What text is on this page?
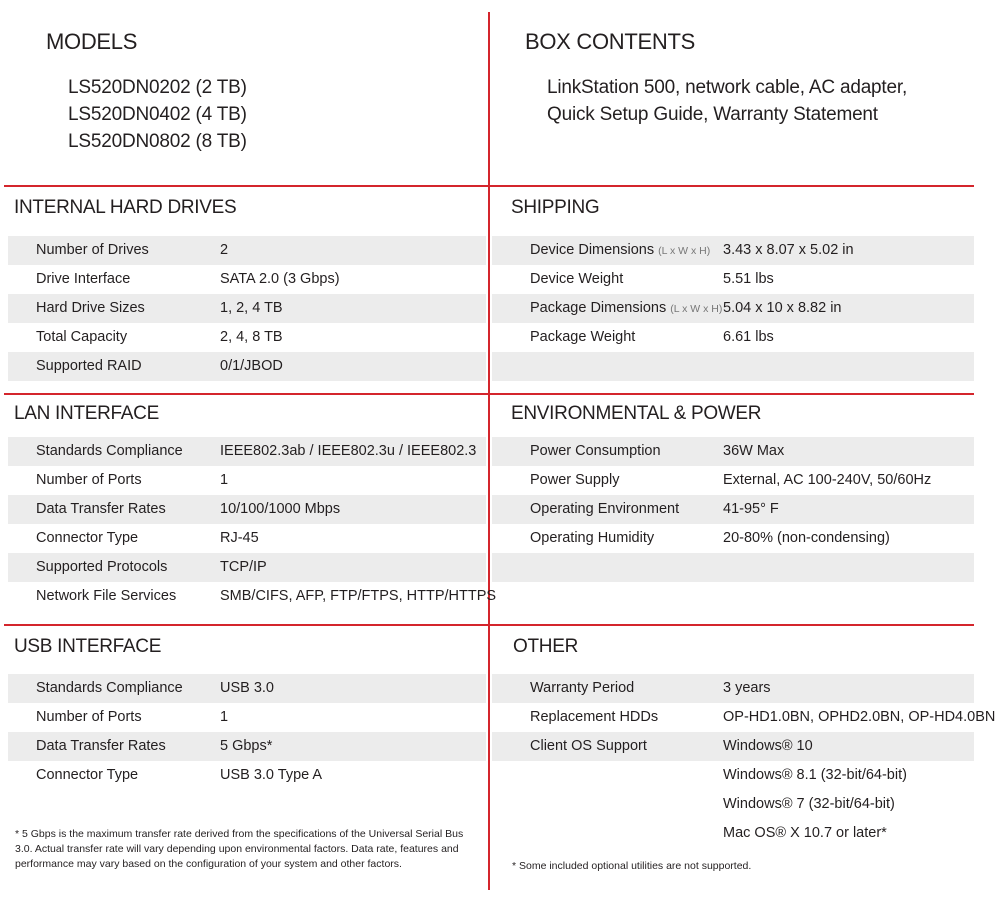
MODELS
LS520DN0202 (2 TB)
LS520DN0402 (4 TB)
LS520DN0802 (8 TB)
BOX CONTENTS
LinkStation 500, network cable, AC adapter,
Quick Setup Guide, Warranty Statement
INTERNAL HARD DRIVES
Number of Drives	2
Drive Interface	SATA 2.0 (3 Gbps)
Hard Drive Sizes	1, 2, 4 TB
Total Capacity	2, 4, 8 TB
Supported RAID	0/1/JBOD
SHIPPING
Device Dimensions (L x W x H) 3.43 x 8.07 x 5.02 in
Device Weight	5.51 lbs
Package Dimensions (L x W x H) 5.04 x 10 x 8.82 in
Package Weight	6.61 lbs
LAN INTERFACE
Standards Compliance	IEEE802.3ab / IEEE802.3u / IEEE802.3
Number of Ports	1
Data Transfer Rates	10/100/1000 Mbps
Connector Type	RJ-45
Supported Protocols	TCP/IP
Network File Services	SMB/CIFS, AFP, FTP/FTPS, HTTP/HTTPS
ENVIRONMENTAL & POWER
Power Consumption	36W Max
Power Supply	External, AC 100-240V, 50/60Hz
Operating Environment	41-95° F
Operating Humidity	20-80% (non-condensing)
USB INTERFACE
Standards Compliance	USB 3.0
Number of Ports	1
Data Transfer Rates	5 Gbps*
Connector Type	USB 3.0 Type A
* 5 Gbps is the maximum transfer rate derived from the specifications of the Universal Serial Bus 3.0. Actual transfer rate will vary depending upon environmental factors. Data rate, features and performance may vary based on the configuration of your system and other factors.
OTHER
Warranty Period	3 years
Replacement HDDs	OP-HD1.0BN, OPHD2.0BN, OP-HD4.0BN
Client OS Support	Windows® 10
Windows® 8.1 (32-bit/64-bit)
Windows® 7 (32-bit/64-bit)
Mac OS® X 10.7 or later*
* Some included optional utilities are not supported.
